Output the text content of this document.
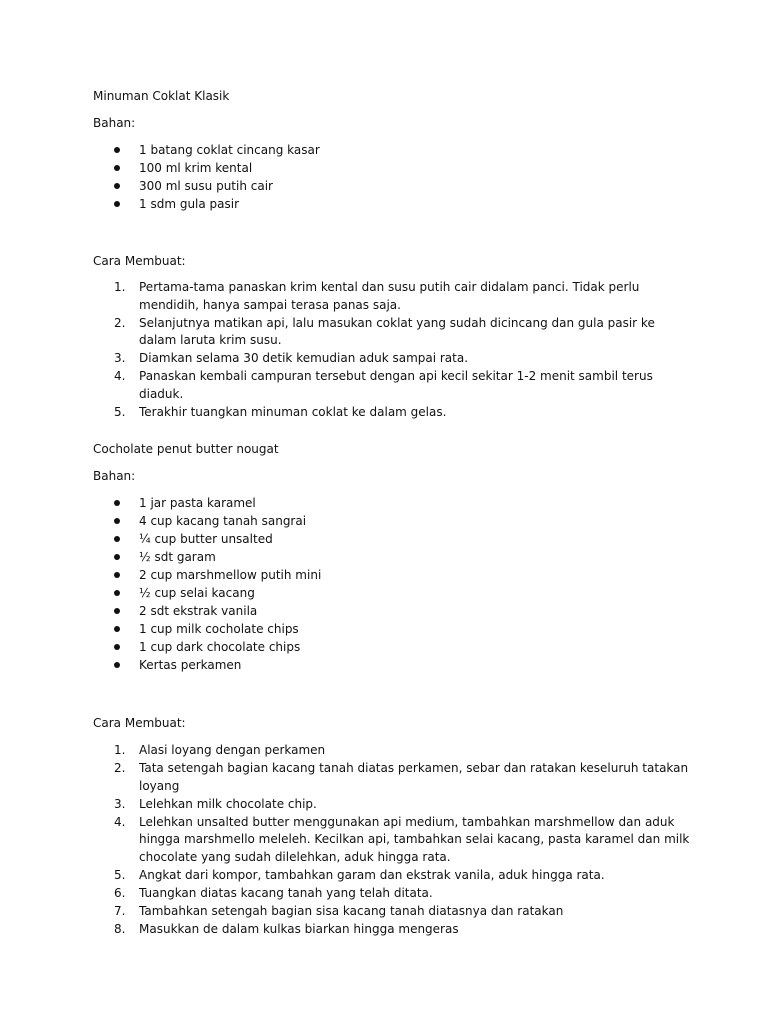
Minuman Coklat Klasik

Bahan:

1 batang coklat cincang kasar
100 ml krim kental
300 ml susu putih cair
1 sdm gula pasir

Cara Membuat:

1. Pertama-tama panaskan krim kental dan susu putih cair didalam panci. Tidak perlu mendidih, hanya sampai terasa panas saja.
2. Selanjutnya matikan api, lalu masukan coklat yang sudah dicincang dan gula pasir ke dalam laruta krim susu.
3. Diamkan selama 30 detik kemudian aduk sampai rata.
4. Panaskan kembali campuran tersebut dengan api kecil sekitar 1-2 menit sambil terus diaduk.
5. Terakhir tuangkan minuman coklat ke dalam gelas.
Cocholate penut butter nougat

Bahan:

1 jar pasta karamel
4 cup kacang tanah sangrai
¼ cup butter unsalted
½ sdt garam
2 cup marshmellow putih mini
½ cup selai kacang
2 sdt ekstrak vanila
1 cup milk cocholate chips
1 cup dark chocolate chips
Kertas perkamen

Cara Membuat:

1. Alasi loyang dengan perkamen
2. Tata setengah bagian kacang tanah diatas perkamen, sebar dan ratakan keseluruh tatakan loyang
3. Lelehkan milk chocolate chip.
4. Lelehkan unsalted butter menggunakan api medium, tambahkan marshmellow dan aduk hingga marshmello meleleh. Kecilkan api, tambahkan selai kacang, pasta karamel dan milk chocolate yang sudah dilelehkan, aduk hingga rata.
5. Angkat dari kompor, tambahkan garam dan ekstrak vanila, aduk hingga rata.
6. Tuangkan diatas kacang tanah yang telah ditata.
7. Tambahkan setengah bagian sisa kacang tanah diatasnya dan ratakan
8. Masukkan de dalam kulkas biarkan hingga mengeras
